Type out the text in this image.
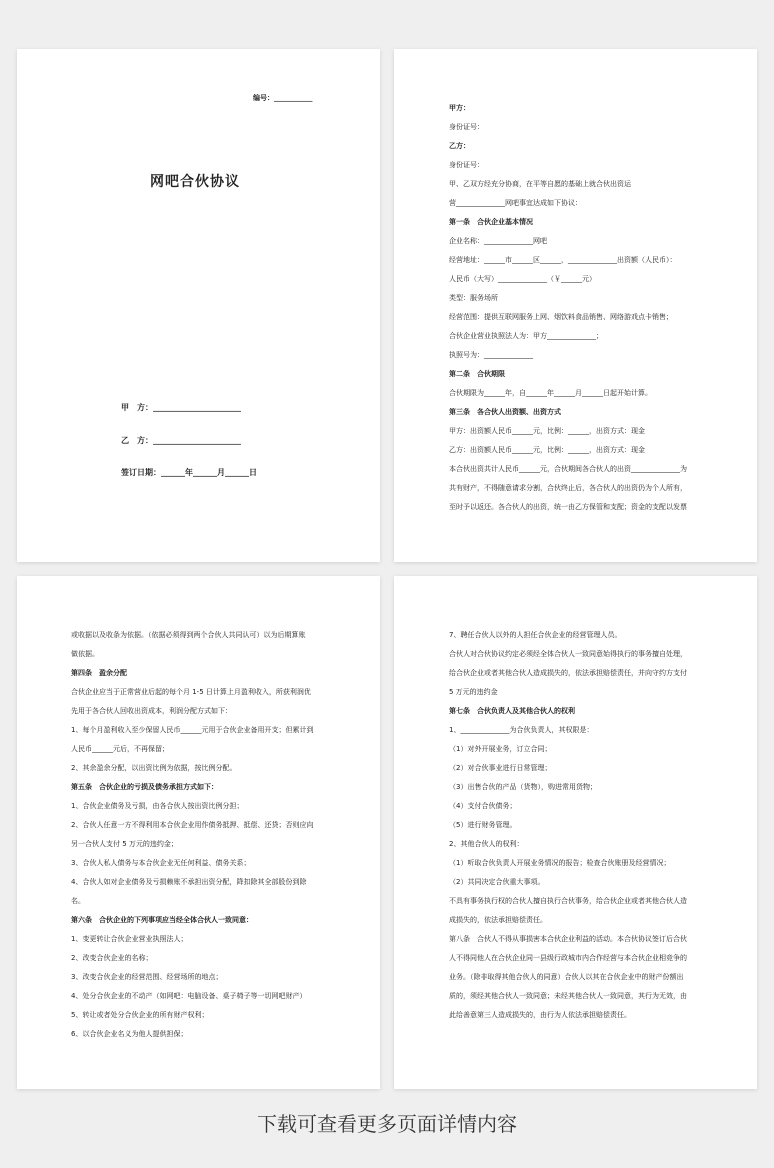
编号：___________
网吧合伙协议
甲　方：______________________
乙　方：______________________
签订日期：______年______月______日
甲方：
身份证号：
乙方：
身份证号：
甲、乙双方经充分协商，在平等自愿的基础上就合伙出资运
营______________网吧事宜达成如下协议：
第一条　合伙企业基本情况
企业名称：______________网吧
经营地址：______市______区______，______________出资额（人民币）：
人民币（大写）______________（￥______元）
类型：服务场所
经营范围：提供互联网服务上网、烟饮料食品销售、网络游戏点卡销售；
合伙企业营业执照法人为：甲方______________；
执照号为：______________
第二条　合伙期限
合伙期限为______年，自______年______月______日起开始计算。
第三条　各合伙人出资额、出资方式
甲方：出资额人民币______元，比例：______，出资方式：现金
乙方：出资额人民币______元，比例：______，出资方式：现金
本合伙出资共计人民币______元，合伙期间各合伙人的出资______________为
共有财产，不得随意请求分割，合伙终止后，各合伙人的出资仍为个人所有，
至时予以返还。各合伙人的出资，统一由乙方保管和支配；资金的支配以发票
或收据以及收条为依据。（依据必须得到两个合伙人共同认可）以为后期算账
做依据。
第四条　盈余分配
合伙企业应当于正常营业后起的每个月 1-5 日计算上月盈利收入，所获利润优
先用于各合伙人回收出资成本，利润分配方式如下：
1、每个月盈利收入至少保留人民币______元用于合伙企业备用开支；但累计到
人民币______元后，不再保留；
2、其余盈余分配，以出资比例为依据，按比例分配。
第五条　合伙企业的亏损及债务承担方式如下：
1、合伙企业债务及亏损，由各合伙人按出资比例分担；
2、合伙人任意一方不得利用本合伙企业用作债务抵押、抵偿、还贷；否则应向
另一合伙人支付 5 万元的违约金；
3、合伙人私人债务与本合伙企业无任何利益、债务关系；
4、合伙人如对企业债务及亏损赖账不承担出资分配，降扣除其全部股份到除
名。
第六条　合伙企业的下列事项应当经全体合伙人一致同意：
1、变更转让合伙企业营业执照法人；
2、改变合伙企业的名称；
3、改变合伙企业的经营范围、经营场所的地点；
4、处分合伙企业的不动产（如网吧：电脑设备、桌子椅子等一切网吧财产）
5、转让或者处分合伙企业的所有财产权利；
6、以合伙企业名义为他人提供担保；
7、聘任合伙人以外的人担任合伙企业的经营管理人员。
合伙人对合伙协议约定必须经全体合伙人一致同意始得执行的事务擅自处理，
给合伙企业或者其他合伙人造成损失的，依法承担赔偿责任，并向守约方支付
5 万元的违约金
第七条　合伙负责人及其他合伙人的权利
1、______________为合伙负责人，其权限是：
（1）对外开展业务，订立合同；
（2）对合伙事业进行日常管理；
（3）出售合伙的产品（货物），购进常用货物；
（4）支付合伙债务；
（5）进行财务管理。
2、其他合伙人的权利：
（1）听取合伙负责人开展业务情况的报告；检查合伙账册及经营情况；
（2）共同决定合伙重大事项。
不具有事务执行权的合伙人擅自执行合伙事务，给合伙企业或者其他合伙人造
成损失的，依法承担赔偿责任。
第八条　合伙人不得从事损害本合伙企业利益的活动。本合伙协议签订后合伙
人不得同他人在合伙企业同一县级行政城市内合作经营与本合伙企业相竞争的
业务。（除非取得其他合伙人的同意）合伙人以其在合伙企业中的财产份额出
质的，须经其他合伙人一致同意；未经其他合伙人一致同意，其行为无效，由
此给善意第三人造成损失的，由行为人依法承担赔偿责任。
下载可查看更多页面详情内容
